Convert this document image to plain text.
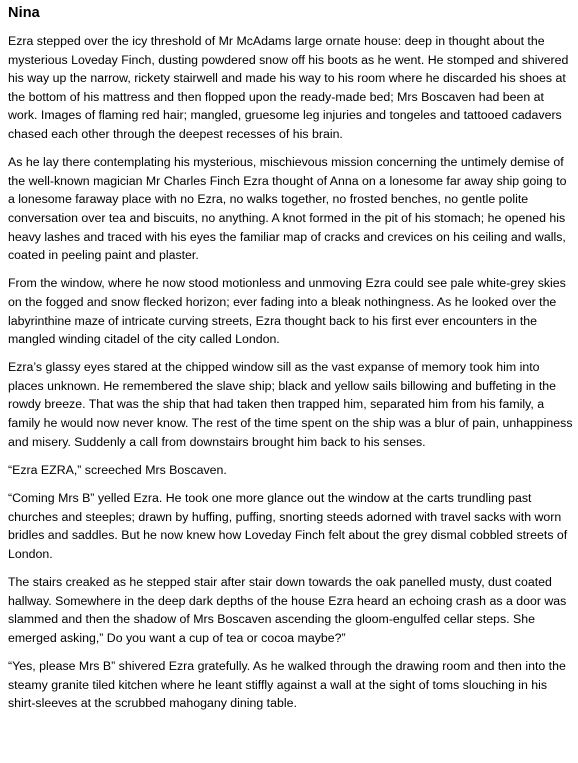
Nina

Ezra stepped over the icy threshold of Mr McAdams large ornate house: deep in thought about the mysterious Loveday Finch, dusting powdered snow off his boots as he went. He stomped and shivered his way up the narrow, rickety stairwell and made his way to his room where he discarded his shoes at the bottom of his mattress and then flopped upon the ready-made bed; Mrs Boscaven had been at work. Images of flaming red hair; mangled, gruesome leg injuries and tongeles and tattooed cadavers chased each other through the deepest recesses of his brain.

As he lay there contemplating his mysterious, mischievous mission concerning the untimely demise of the well-known magician Mr Charles Finch Ezra thought of Anna on a lonesome far away ship going to a lonesome faraway place with no Ezra, no walks together, no frosted benches, no gentle polite conversation over tea and biscuits, no anything. A knot formed in the pit of his stomach; he opened his heavy lashes and traced with his eyes the familiar map of cracks and crevices on his ceiling and walls, coated in peeling paint and plaster.

From the window, where he now stood motionless and unmoving Ezra could see pale white-grey skies on the fogged and snow flecked horizon; ever fading into a bleak nothingness. As he looked over the labyrinthine maze of intricate curving streets, Ezra thought back to his first ever encounters in the mangled winding citadel of the city called London.

Ezra’s glassy eyes stared at the chipped window sill as the vast expanse of memory took him into places unknown. He remembered the slave ship; black and yellow sails billowing and buffeting in the rowdy breeze. That was the ship that had taken then trapped him, separated him from his family, a family he would now never know. The rest of the time spent on the ship was a blur of pain, unhappiness and misery. Suddenly a call from downstairs brought him back to his senses.

“Ezra EZRA,” screeched Mrs Boscaven.

“Coming Mrs B” yelled Ezra. He took one more glance out the window at the carts trundling past churches and steeples; drawn by huffing, puffing, snorting steeds adorned with travel sacks with worn bridles and saddles. But he now knew how Loveday Finch felt about the grey dismal cobbled streets of London.

The stairs creaked as he stepped stair after stair down towards the oak panelled musty, dust coated hallway. Somewhere in the deep dark depths of the house Ezra heard an echoing crash as a door was slammed and then the shadow of Mrs Boscaven ascending the gloom-engulfed cellar steps. She emerged asking,” Do you want a cup of tea or cocoa maybe?”

“Yes, please Mrs B” shivered Ezra gratefully. As he walked through the drawing room and then into the steamy granite tiled kitchen where he leant stiffly against a wall at the sight of toms slouching in his shirt-sleeves at the scrubbed mahogany dining table.
